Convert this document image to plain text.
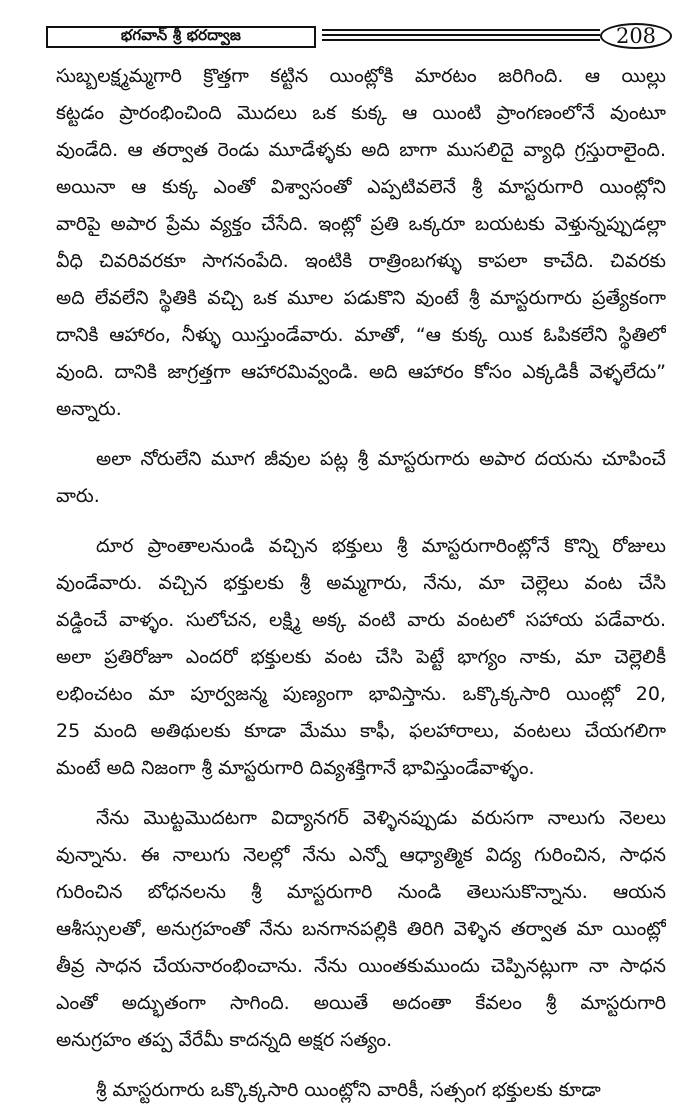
భగవాన్ శ్రీ భరద్వాజ	208
సుబ్బలక్ష్మమ్మగారి క్రొత్తగా కట్టిన యింట్లోకి మారటం జరిగింది. ఆ యిల్లు
కట్టడం ప్రారంభించింది మొదలు ఒక కుక్క ఆ యింటి ప్రాంగణంలోనే వుంటూ
వుండేది. ఆ తర్వాత రెండు మూడేళ్ళకు అది బాగా ముసలిదై వ్యాధి గ్రస్తురాలైంది.
అయినా ఆ కుక్క ఎంతో విశ్వాసంతో ఎప్పటివలెనే శ్రీ మాస్టరుగారి యింట్లోని
వారిపై అపార ప్రేమ వ్యక్తం చేసేది. ఇంట్లో ప్రతి ఒక్కరూ బయటకు వెళ్తున్నప్పుడల్లా
వీధి చివరివరకూ సాగనంపేది. ఇంటికి రాత్రింబగళ్ళు కాపలా కాచేది. చివరకు
అది లేవలేని స్థితికి వచ్చి ఒక మూల పడుకొని వుంటే శ్రీ మాస్టరుగారు ప్రత్యేకంగా
దానికి ఆహారం, నీళ్ళు యిస్తుండేవారు. మాతో, “ఆ కుక్క యిక ఓపికలేని స్థితిలో
వుంది. దానికి జాగ్రత్తగా ఆహారమివ్వండి. అది ఆహారం కోసం ఎక్కడికీ వెళ్ళలేదు”
అన్నారు.
అలా నోరులేని మూగ జీవుల పట్ల శ్రీ మాస్టరుగారు అపార దయను చూపించే
వారు.
దూర ప్రాంతాలనుండి వచ్చిన భక్తులు శ్రీ మాస్టరుగారింట్లోనే కొన్ని రోజులు
వుండేవారు. వచ్చిన భక్తులకు శ్రీ అమ్మగారు, నేను, మా చెల్లెలు వంట చేసి
వడ్డించే వాళ్ళం. సులోచన, లక్ష్మి అక్క వంటి వారు వంటలో సహాయ పడేవారు.
అలా ప్రతిరోజూ ఎందరో భక్తులకు వంట చేసి పెట్టే భాగ్యం నాకు, మా చెల్లెలికీ
లభించటం మా పూర్వజన్మ పుణ్యంగా భావిస్తాను. ఒక్కొక్కసారి యింట్లో 20,
25 మంది అతిథులకు కూడా మేము కాఫీ, ఫలహారాలు, వంటలు చేయగలిగా
మంటే అది నిజంగా శ్రీ మాస్టరుగారి దివ్యశక్తిగానే భావిస్తుండేవాళ్ళం.
నేను మొట్టమొదటగా విద్యానగర్ వెళ్ళినప్పుడు వరుసగా నాలుగు నెలలు
వున్నాను. ఈ నాలుగు నెలల్లో నేను ఎన్నో ఆధ్యాత్మిక విద్య గురించిన, సాధన
గురించిన బోధనలను శ్రీ మాస్టరుగారి నుండి తెలుసుకొన్నాను. ఆయన
ఆశీస్సులతో, అనుగ్రహంతో నేను బనగానపల్లికి తిరిగి వెళ్ళిన తర్వాత మా యింట్లో
తీవ్ర సాధన చేయనారంభించాను. నేను యింతకుముందు చెప్పినట్లుగా నా సాధన
ఎంతో అద్భుతంగా సాగింది. అయితే అదంతా కేవలం శ్రీ మాస్టరుగారి
అనుగ్రహం తప్ప వేరేమీ కాదన్నది అక్షర సత్యం.
శ్రీ మాస్టరుగారు ఒక్కొక్కసారి యింట్లోని వారికీ, సత్సంగ భక్తులకు కూడా
